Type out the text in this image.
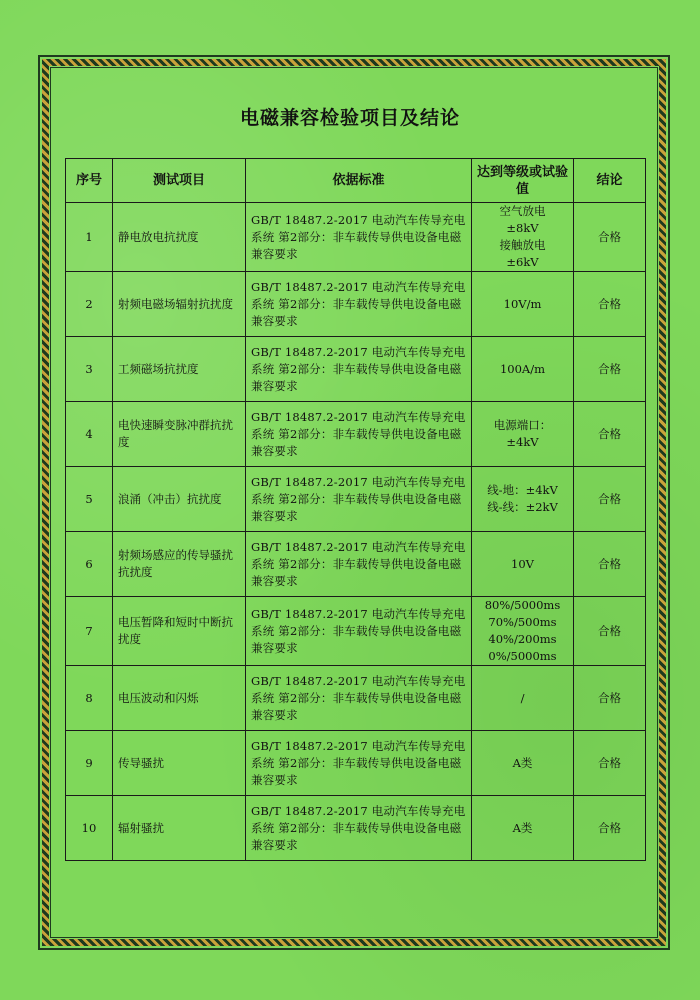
电磁兼容检验项目及结论
序号	测试项目	依据标准	达到等级或试验值	结论
1	静电放电抗扰度	GB/T 18487.2-2017 电动汽车传导充电系统 第2部分：非车载传导供电设备电磁兼容要求	空气放电
±8kV
接触放电
±6kV	合格
2	射频电磁场辐射抗扰度	GB/T 18487.2-2017 电动汽车传导充电系统 第2部分：非车载传导供电设备电磁兼容要求	10V/m	合格
3	工频磁场抗扰度	GB/T 18487.2-2017 电动汽车传导充电系统 第2部分：非车载传导供电设备电磁兼容要求	100A/m	合格
4	电快速瞬变脉冲群抗扰度	GB/T 18487.2-2017 电动汽车传导充电系统 第2部分：非车载传导供电设备电磁兼容要求	电源端口：
±4kV	合格
5	浪涌（冲击）抗扰度	GB/T 18487.2-2017 电动汽车传导充电系统 第2部分：非车载传导供电设备电磁兼容要求	线-地：±4kV
线-线：±2kV	合格
6	射频场感应的传导骚扰抗扰度	GB/T 18487.2-2017 电动汽车传导充电系统 第2部分：非车载传导供电设备电磁兼容要求	10V	合格
7	电压暂降和短时中断抗扰度	GB/T 18487.2-2017 电动汽车传导充电系统 第2部分：非车载传导供电设备电磁兼容要求	80%/5000ms
70%/500ms
40%/200ms
0%/5000ms	合格
8	电压波动和闪烁	GB/T 18487.2-2017 电动汽车传导充电系统 第2部分：非车载传导供电设备电磁兼容要求	/	合格
9	传导骚扰	GB/T 18487.2-2017 电动汽车传导充电系统 第2部分：非车载传导供电设备电磁兼容要求	A类	合格
10	辐射骚扰	GB/T 18487.2-2017 电动汽车传导充电系统 第2部分：非车载传导供电设备电磁兼容要求	A类	合格
